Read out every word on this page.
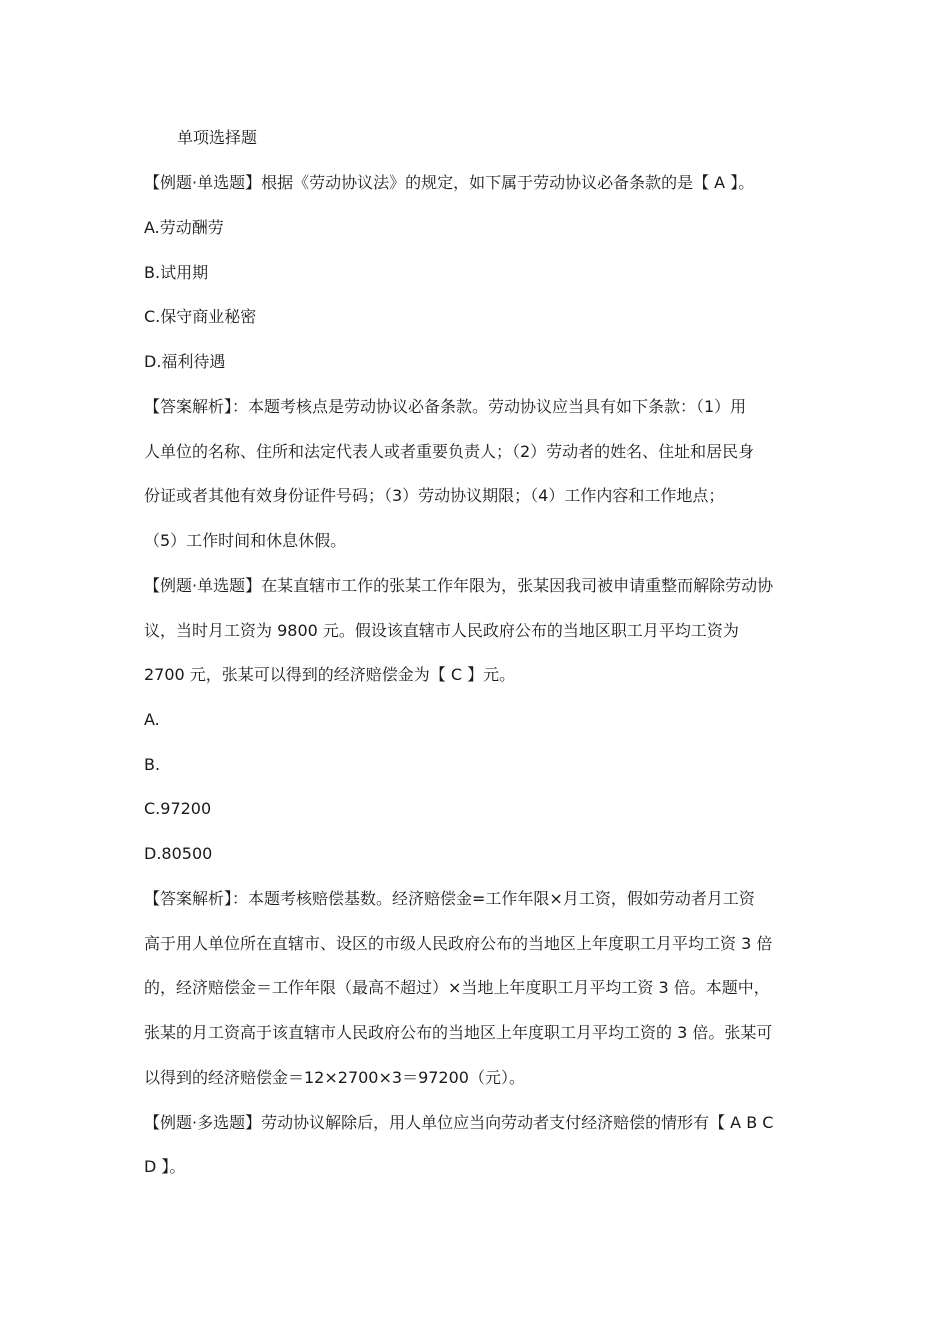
单项选择题
【例题·单选题】根据《劳动协议法》的规定，如下属于劳动协议必备条款的是【 A 】。
A.劳动酬劳
B.试用期
C.保守商业秘密
D.福利待遇
【答案解析】：本题考核点是劳动协议必备条款。劳动协议应当具有如下条款：（1）用
人单位的名称、住所和法定代表人或者重要负责人；（2）劳动者的姓名、住址和居民身
份证或者其他有效身份证件号码；（3）劳动协议期限；（4）工作内容和工作地点；
（5）工作时间和休息休假。
【例题·单选题】在某直辖市工作的张某工作年限为，张某因我司被申请重整而解除劳动协
议，当时月工资为 9800 元。假设该直辖市人民政府公布的当地区职工月平均工资为
2700 元，张某可以得到的经济赔偿金为【 C 】元。
A.
B.
C.97200
D.80500
【答案解析】：本题考核赔偿基数。经济赔偿金=工作年限×月工资，假如劳动者月工资
高于用人单位所在直辖市、设区的市级人民政府公布的当地区上年度职工月平均工资 3 倍
的，经济赔偿金＝工作年限（最高不超过）×当地上年度职工月平均工资 3 倍。本题中，
张某的月工资高于该直辖市人民政府公布的当地区上年度职工月平均工资的 3 倍。张某可
以得到的经济赔偿金＝12×2700×3＝97200（元）。
【例题·多选题】劳动协议解除后，用人单位应当向劳动者支付经济赔偿的情形有【 A B C
D 】。
